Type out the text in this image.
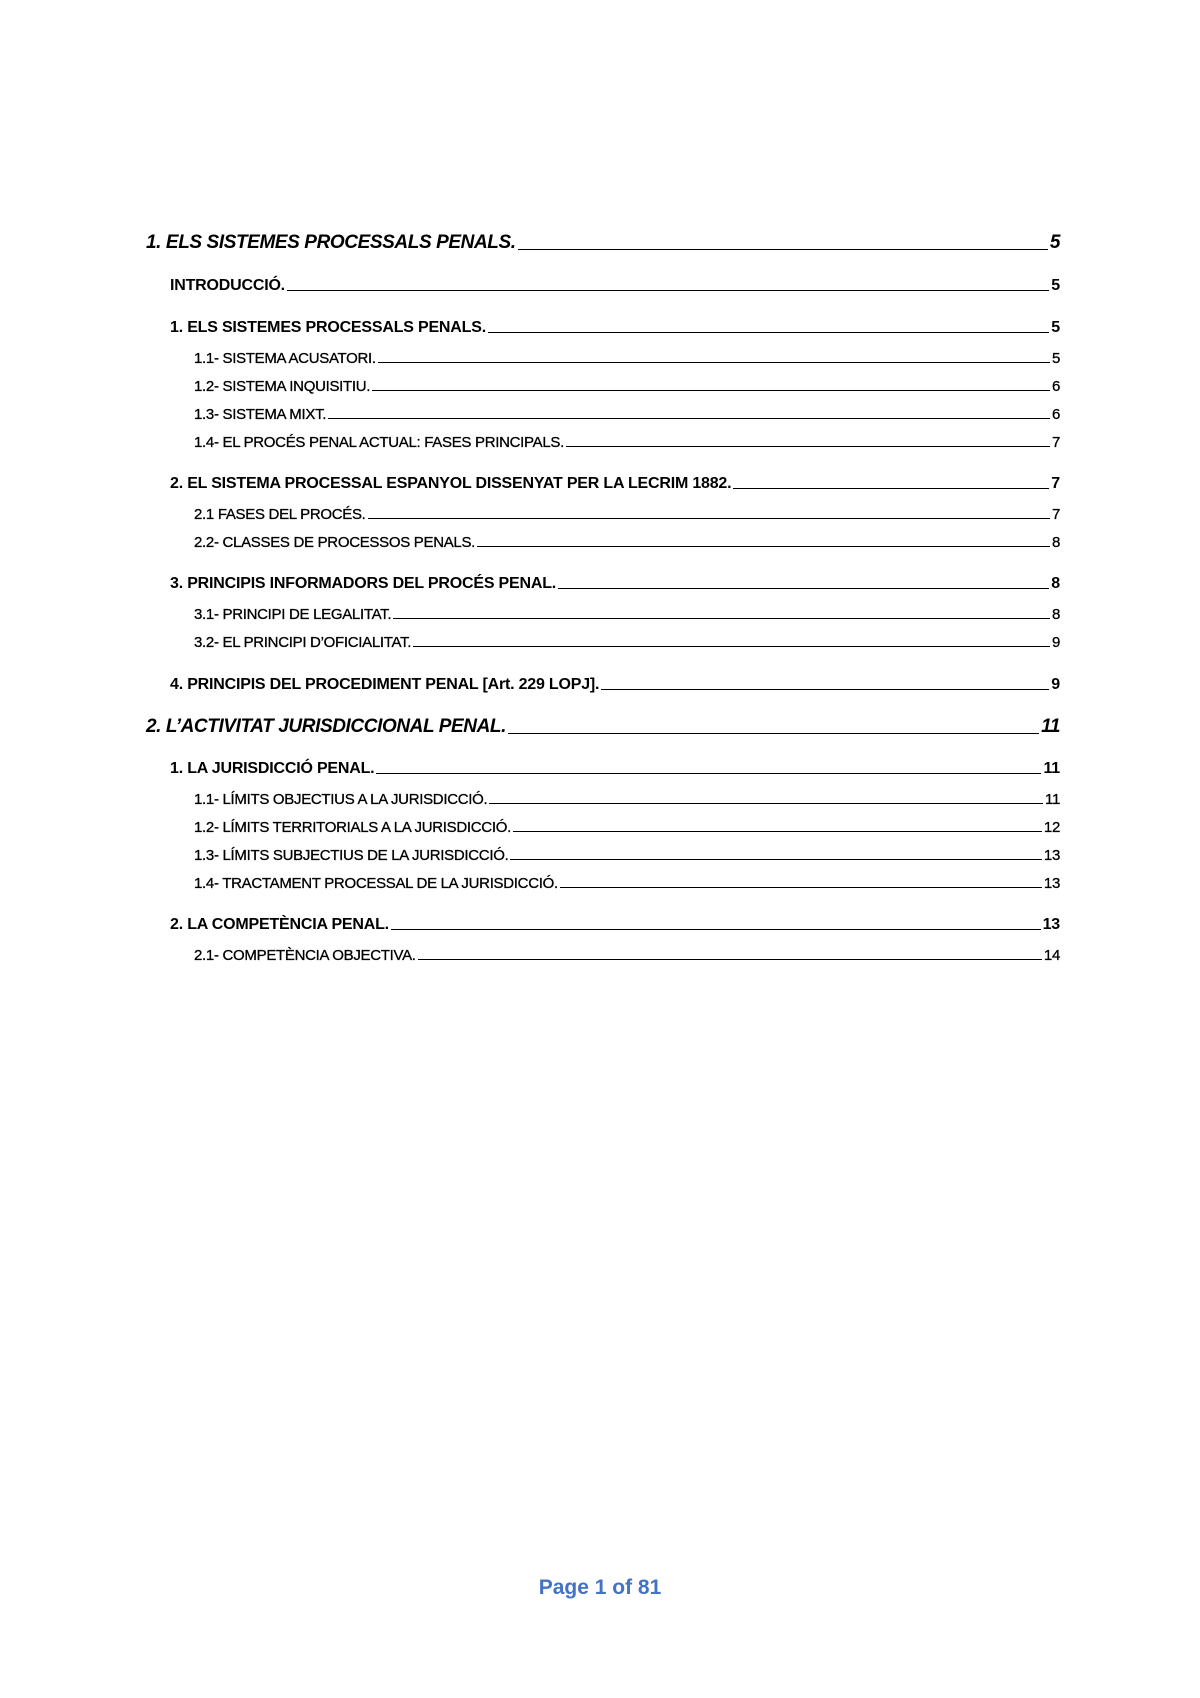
1. ELS SISTEMES PROCESSALS PENALS.	5
INTRODUCCIÓ.	5
1. ELS SISTEMES PROCESSALS PENALS.	5
1.1- SISTEMA ACUSATORI.	5
1.2- SISTEMA INQUISITIU.	6
1.3- SISTEMA MIXT.	6
1.4- EL PROCÉS PENAL ACTUAL: FASES PRINCIPALS.	7
2. EL SISTEMA PROCESSAL ESPANYOL DISSENYAT PER LA LECRIM 1882.	7
2.1 FASES DEL PROCÉS.	7
2.2- CLASSES DE PROCESSOS PENALS.	8
3. PRINCIPIS INFORMADORS DEL PROCÉS PENAL.	8
3.1- PRINCIPI DE LEGALITAT.	8
3.2- EL PRINCIPI D’OFICIALITAT.	9
4. PRINCIPIS DEL PROCEDIMENT PENAL [Art. 229 LOPJ].	9
2. L’ACTIVITAT JURISDICCIONAL PENAL.	11
1. LA JURISDICCIÓ PENAL.	11
1.1- LÍMITS OBJECTIUS A LA JURISDICCIÓ.	11
1.2- LÍMITS TERRITORIALS A LA JURISDICCIÓ.	12
1.3- LÍMITS SUBJECTIUS DE LA JURISDICCIÓ.	13
1.4- TRACTAMENT PROCESSAL DE LA JURISDICCIÓ.	13
2. LA COMPETÈNCIA PENAL.	13
2.1- COMPETÈNCIA OBJECTIVA.	14
Page 1 of 81
